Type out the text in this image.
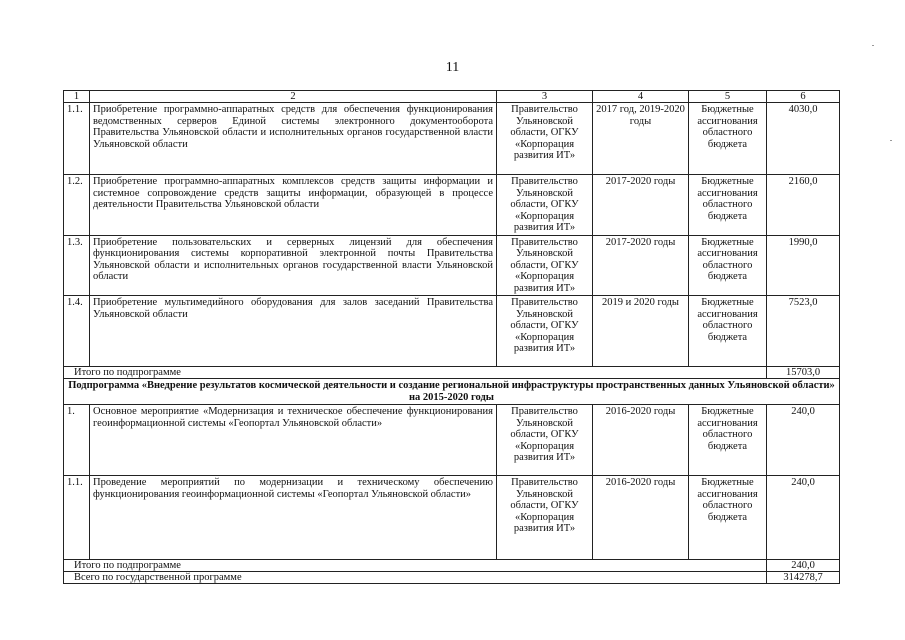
11
1	2	3	4	5	6
1.1.	Приобретение программно-аппаратных средств для обеспечения функционирования ведомственных серверов Единой системы электронного документооборота Правительства Ульяновской области и исполнительных органов государственной власти Ульяновской области	Правительство Ульяновской области, ОГКУ «Корпорация развития ИТ»	2017 год, 2019-2020 годы	Бюджетные ассигнования областного бюджета	4030,0
1.2.	Приобретение программно-аппаратных комплексов средств защиты информации и системное сопровождение средств защиты информации, образующей в процессе деятельности Правительства Ульяновской области	Правительство Ульяновской области, ОГКУ «Корпорация развития ИТ»	2017-2020 годы	Бюджетные ассигнования областного бюджета	2160,0
1.3.	Приобретение пользовательских и серверных лицензий для обеспечения функционирования системы корпоративной электронной почты Правительства Ульяновской области и исполнительных органов государственной власти Ульяновской области	Правительство Ульяновской области, ОГКУ «Корпорация развития ИТ»	2017-2020 годы	Бюджетные ассигнования областного бюджета	1990,0
1.4.	Приобретение мультимедийного оборудования для залов заседаний Правительства Ульяновской области	Правительство Ульяновской области, ОГКУ «Корпорация развития ИТ»	2019 и 2020 годы	Бюджетные ассигнования областного бюджета	7523,0
Итого по подпрограмме					15703,0
Подпрограмма «Внедрение результатов космической деятельности и создание региональной инфраструктуры пространственных данных Ульяновской области» на 2015-2020 годы					
1.	Основное мероприятие «Модернизация и техническое обеспечение функционирования геоинформационной системы «Геопортал Ульяновской области»	Правительство Ульяновской области, ОГКУ «Корпорация развития ИТ»	2016-2020 годы	Бюджетные ассигнования областного бюджета	240,0
1.1.	Проведение мероприятий по модернизации и техническому обеспечению функционирования геоинформационной системы «Геопортал Ульяновской области»	Правительство Ульяновской области, ОГКУ «Корпорация развития ИТ»	2016-2020 годы	Бюджетные ассигнования областного бюджета	240,0
Итого по подпрограмме					240,0
Всего по государственной программе					314278,7
